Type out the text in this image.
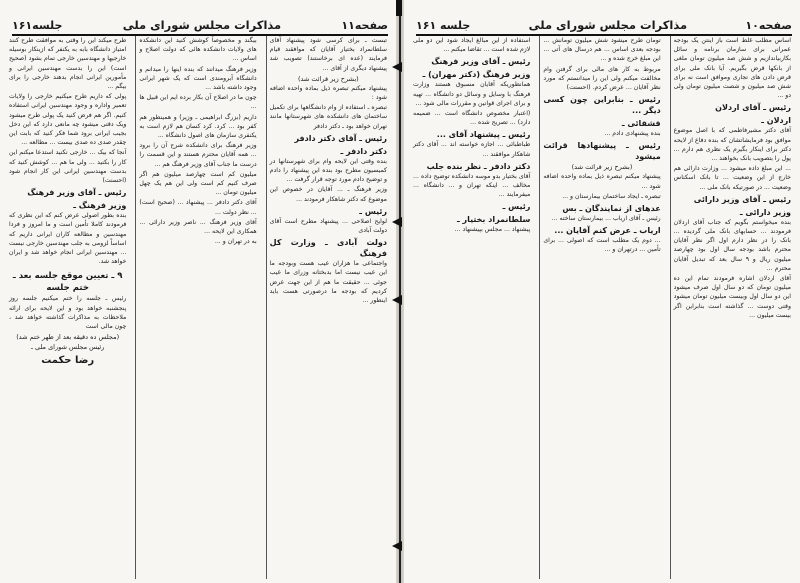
صفحه۱۱
مذاکرات مجلس شورای ملی
جلسه۱۶۱
تبست ـ برای کرسی شود پیشنهاد آقای سلطانمراد بختیار آقایان که موافقند قیام فرمایند (عده ای برخاستند) تصویب شد پیشنهاد دیگری از آقای ...
(بشرح زیر قرائت شد)
پیشنهاد میکنم تبصره ذیل بماده واحده اضافه شود :
تبصره ـ استفاده از وام دانشگاهها برای تکمیل ساختمان های دانشکده های شهرستانها مانند تهران خواهد بود ـ دکتر دادفر
رئیس ـ آقای دکتر دادفر
دکتر دادفر ـ
بنده وقتی این لایحه وام برای شهرستانها در کمیسیون مطرح بود بنده این پیشنهاد را دادم و توضیح دادم مورد توجه قرار گرفت ...
وزیر فرهنگ ـ ... آقایان در خصوص این موضوع که دکتر شاهکار فرمودند ...
رئیس ـ
لوایح اصلاحی ... پیشنهاد مطرح است آقای دولت آبادی
دولت آبادی ـ وزارت کل فرهنگ
واجتماعی ما هزاران عیب هست وبودجه ما این عیب نیست اما بدبختانه وزرای ما عیب جوئی ... حقیقت ما هم از این جهت عرض کردیم که بودجه ما درصورتی هست باید اینطور ...
بیگند و مخصوصاً کوشش کنید این دانشکده های ولایات دانشکده هائی که دولت اصلاح و اساس ...
وزیر فرهنگ میدانند که بنده اینها را میدانم و دانشگاه آبرومندی است که یک شهر ایرانی وجود داشته باشد ...
چون ما در اصلاح آن بکار برده ایم این قبیل ها ...
داریم (بزرگ ابراهیمی ـ وزیر) و همینطور هم کفر بود ... کرد. کرد کسان هم لازم است به یکنفری سازمان های اصول دانشگاه ...
وزیر فرهنگ برای دانشکده شرح آن را برود ... همه آقایان محترم هستند و این قسمت را درست ما جناب آقای وزیر فرهنگ هم ...
میلیون کم است چهارصد میلیون هم اگر صرف کنیم کم است ولی این هم یک چهل میلیون تومان ...
آقای دکتر دادفر ... پیشنهاد ... (صحیح است) ... نظر دولت ...
آقای وزیر فرهنگ ... ناصر وزیر دارائی ... همکاری این لایحه ...
به در تهران و ...
طرح میکند این را وقتی به موافقت طرح کنند امتیاز دانشگاه بابه به یکنفر که ازینکار بوسیله خارجیها و مهندسین خارجی تمام بشود (صحیح است) این را بدست مهندسین ایرانی و مأمورین ایرانی انجام بدهند خارجی را برای بیگم ...
پولی که داریم طرح میکنیم خارجی را ولایات تعمیر واداره و وجود مهندسین ایرانی استفاده کنیم. اگر هم فرض کنید یک پولی طرح میشود ویک دقتی میشود چه مانعی دارد که این دخل بجیب ایرانی برود شما فکر کنید که بابت این چقدر صدی ده صدی بیست ... مطالعه ...
آنجا که بیک ... خارجی نکنید استدعا میکنم این کار را بکنید ... ولی ما هم ... کوشش کنید که بدست مهندسین ایرانی این کار انجام شود (احسنت)
رئیس ـ آقای وزیر فرهنگ
وزیر فرهنگ ـ
بنده بطور اصولی عرض کنم که این نظری که فرمودند کاملا تأمین است و ما امروز و فردا مهندسین و مطالعه کاران ایرانی داریم که اساساً لزومی به جلب مهندسین خارجی نیست ... مهندسین ایرانی انجام خواهد شد و ایران خواهد شد.
۹ ـ تعیین موقع جلسه بعد ـ ختم جلسه
رئیس ـ جلسه را ختم میکنیم جلسه روز پنجشنبه خواهد بود و این لایحه برای ارائه ملاحظات به مذاکرات گذاشته خواهد شد ، چون مالی است
(مجلس ده دقیقه بعد از ظهر ختم شد)
رئیس مجلس شورای ملی ـ
رضا حکمت
صفحه۱۰
مذاکرات مجلس شورای ملی
جلسه ۱۶۱
اساس مطلب غلط است باز اینتن یک بودجه عمرانی برای سازمان برنامه و سائل بکاربیاندازیم و شش صد میلیون تومان ملغی از بانکها قرض بگیریم. آیا بانک ملی برای قرض دادن های تجاری وموافق است نه برای شش صد میلیون و شصت میلیون تومان ولی دو ...
رئیس ـ آقای اردلان
اردلان ـ
آقای دکتر مشیرفاطمی که با اصل موضوع موافق بود فرمایشاتشان که بنده دفاع از لایحه دکتر برای اینکار بگیرم یک نظری هم دارم ... پول را بتصویب بانک بخواهند ...
... این مبلغ داده میشود ... وزارت دارائی هم خارج از این وضعیت ... تا بانک اسکناس وضعیت ... در صورتیکه بانک ملی ...
رئیس ـ آقای وزیر دارائی
وزیر دارائی ـ
بنده میخواستم بگویم که جناب آقای اردلان فرمودند ... حسابهای بانک ملی گردیده ... بانک را در نظر دارم اول اگر نظر آقایان محترم باشد بودجه سال اول بود چهارصد میلیون ریال و ۹ سال بعد که تبدیل آقایان محترم ...
آقای اردلان اشاره فرمودند تمام این ده میلیون تومان که دو سال اول صرف میشود این دو سال اول وبیست میلیون تومان میشود وقتی دوست ... گذاشته است بنابراین اگر بیست میلیون ...
تومان طرح میشود شش میلیون تومانش ... بودجه بعدی اساس ... هم درسال های آتی ... این مبلغ خرج شده و ...
مربوط به کار های مالی برای گرفتن وام مخالفت میکنم ولی این را میدانستم که مورد نظر آقایان ... عرض کردم. (احسنت)
رئیس ـ بنابراین چون کسی دیگر ...
قشقائی ـ
بنده پیشنهادی دادم ...
رئیس ـ پیشنهادها قرائت میشود
(بشرح زیر قرائت شد)
پیشنهاد میکنم تبصره ذیل بماده واحده اضافه شود ...
تبصره ـ ایجاد ساختمان بیمارستان و ...
عدهای از نمایندگان ـ بس
رئیس ـ آقای اریاب ... بیمارستان ساخته ...
اریاب ـ عرض کنم آقایان ...
... دوم یک مطلب است که اصولی ... برای تأمین ... درتهران و ...
استفاده از این مبالغ ایجاد شود این دو ملی لازم شده است ... تقاضا میکنم ...
رئیس ـ آقای وزیر فرهنگ
وزیر فرهنگ (دکتر مهران) ـ
همانطوریکه آقایان مسبوق هستند وزارت فرهنگ با وسایل و وسائل دو دانشگاه ... تهیه و برای اجرای قوانین و مقررات مالی شود ...
(اعتبار مخصوص دانشگاه است ... ضمیمه دارد) ... تصریح شده ...
رئیس ـ پیشنهاد آقای ...
طباطبائی ... اجازه خواسته اند ... آقای دکتر شاهکار موافقند ...
دکتر دادفر ـ نظر بنده جلب
آقای بختیار بدو موسه دانشکده توضیح داده ... مخالف ... اینکه تهران و ... دانشگاه ... میفرمایند ...
رئیس ـ
سلطانمراد بختیار ـ
پیشنهاد ... مجلس بپیشنهاد ...
